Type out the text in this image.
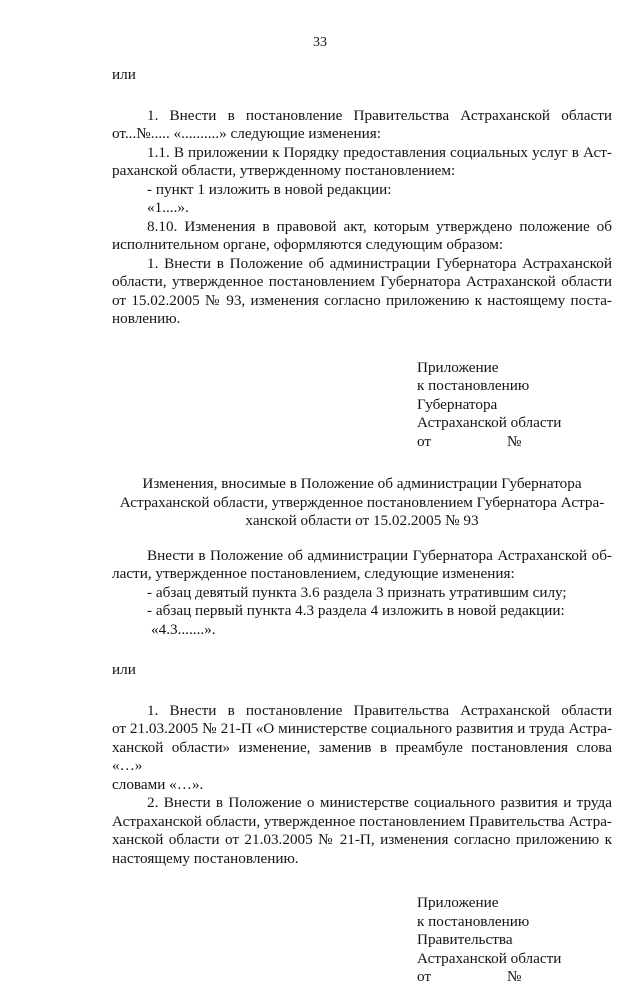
33
или
1. Внести в постановление Правительства Астраханской области
от...№..... «..........» следующие изменения:
1.1. В приложении к Порядку предоставления социальных услуг в Аст-
раханской области, утвержденному постановлением:
- пункт 1 изложить в новой редакции:
«1....».
8.10. Изменения в правовой акт, которым утверждено положение об
исполнительном органе, оформляются следующим образом:
1. Внести в Положение об администрации Губернатора Астраханской
области, утвержденное постановлением Губернатора Астраханской области
от 15.02.2005 № 93, изменения согласно приложению к настоящему поста-
новлению.
Приложение
к постановлению
Губернатора
Астраханской области
от                    №
Изменения, вносимые в Положение об администрации Губернатора
Астраханской области, утвержденное постановлением Губернатора Астра-
ханской области от 15.02.2005 № 93
Внести в Положение об администрации Губернатора Астраханской об-
ласти, утвержденное постановлением, следующие изменения:
- абзац девятый пункта 3.6 раздела 3 признать утратившим силу;
- абзац первый пункта 4.3 раздела 4 изложить в новой редакции:
«4.3.......».
или
1. Внести в постановление Правительства Астраханской области
от 21.03.2005 № 21-П «О министерстве социального развития и труда Астра-
ханской области» изменение, заменив в преамбуле постановления слова «…»
словами «…».
2. Внести в Положение о министерстве социального развития и труда
Астраханской области, утвержденное постановлением Правительства Астра-
ханской области от 21.03.2005 № 21-П, изменения согласно приложению к
настоящему постановлению.
Приложение
к постановлению
Правительства
Астраханской области
от                    №
